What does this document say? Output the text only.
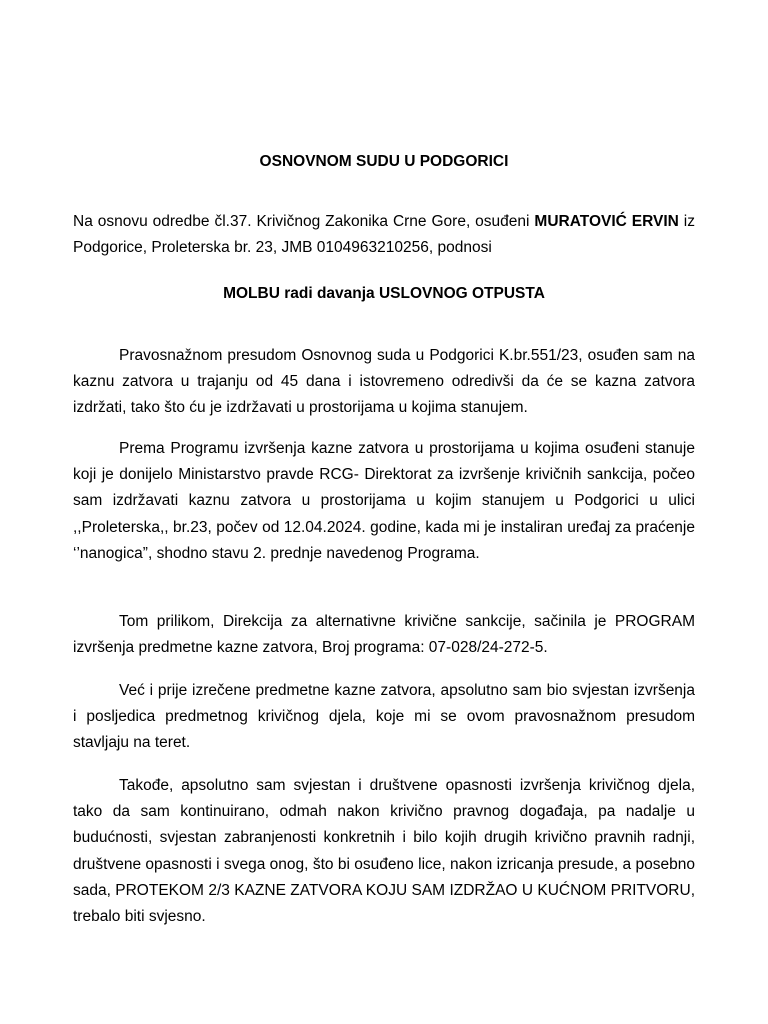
OSNOVNOM SUDU U PODGORICI
Na osnovu odredbe čl.37. Krivičnog Zakonika Crne Gore, osuđeni MURATOVIĆ ERVIN iz Podgorice, Proleterska br. 23, JMB 0104963210256, podnosi
MOLBU radi davanja USLOVNOG OTPUSTA
Pravosnažnom presudom Osnovnog suda u Podgorici K.br.551/23, osuđen sam na kaznu zatvora u trajanju od 45 dana i istovremeno odredivši da će se kazna zatvora izdržati, tako što ću je izdržavati u prostorijama u kojima stanujem.
Prema Programu izvršenja kazne zatvora u prostorijama u kojima osuđeni stanuje koji je donijelo Ministarstvo pravde RCG- Direktorat za izvršenje krivičnih sankcija, počeo sam izdržavati kaznu zatvora u prostorijama u kojim stanujem u Podgorici u ulici ,,Proleterska,, br.23, počev od 12.04.2024. godine, kada mi je instaliran uređaj za praćenje ‘’nanogica”, shodno stavu 2. prednje navedenog Programa.
Tom prilikom, Direkcija za alternativne krivične sankcije, sačinila je PROGRAM izvršenja predmetne kazne zatvora, Broj programa: 07-028/24-272-5.
Već i prije izrečene predmetne kazne zatvora, apsolutno sam bio svjestan izvršenja i posljedica predmetnog krivičnog djela, koje mi se ovom pravosnažnom presudom stavljaju na teret.
Takođe, apsolutno sam svjestan i društvene opasnosti izvršenja krivičnog djela, tako da sam kontinuirano, odmah nakon krivično pravnog događaja, pa nadalje u budućnosti, svjestan zabranjenosti konkretnih i bilo kojih drugih krivično pravnih radnji, društvene opasnosti i svega onog, što bi osuđeno lice, nakon izricanja presude, a posebno sada, PROTEKOM 2/3 KAZNE ZATVORA KOJU SAM IZDRŽAO U KUĆNOM PRITVORU, trebalo biti svjesno.
